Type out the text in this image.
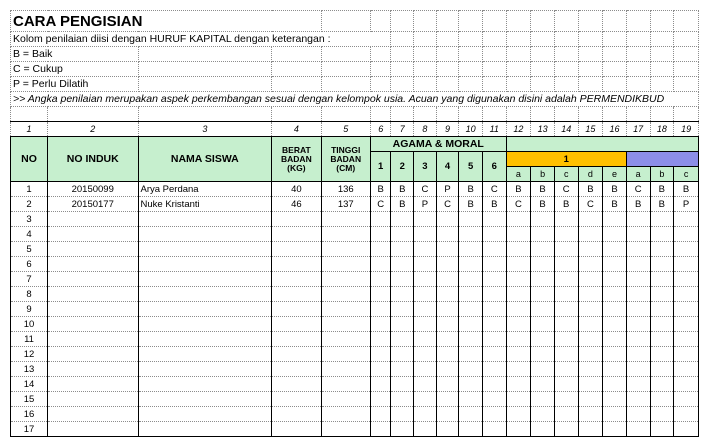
CARA PENGISIAN																		
Kolom penilaian diisi dengan HURUF KAPITAL dengan keterangan :																		
B = Baik																		
C = Cukup																		
P = Perlu Dilatih																		
>> Angka penilaian merupakan aspek perkembangan sesuai dengan kelompok usia. Acuan yang digunakan disini adalah PERMENDIKBUD																		

1	2	3	4	5	6	7	8	9	10	11	12	13	14	15	16	17	18	19
NO	NO INDUK	NAMA SISWA	BERAT BADAN (KG)	TINGGI BADAN (CM)	AGAMA & MORAL													
					1	2	3	4	5	6	1							
											a	b	c	d	e	a	b	c
1	20150099	Arya Perdana	40	136	B	B	C	P	B	C	B	B	C	B	B	C	B	B
2	20150177	Nuke Kristanti	46	137	C	B	P	C	B	B	C	B	B	C	B	B	B	P
3																		
4																		
5																		
6																		
7																		
8																		
9																		
10																		
11																		
12																		
13																		
14																		
15																		
16																		
17																		
